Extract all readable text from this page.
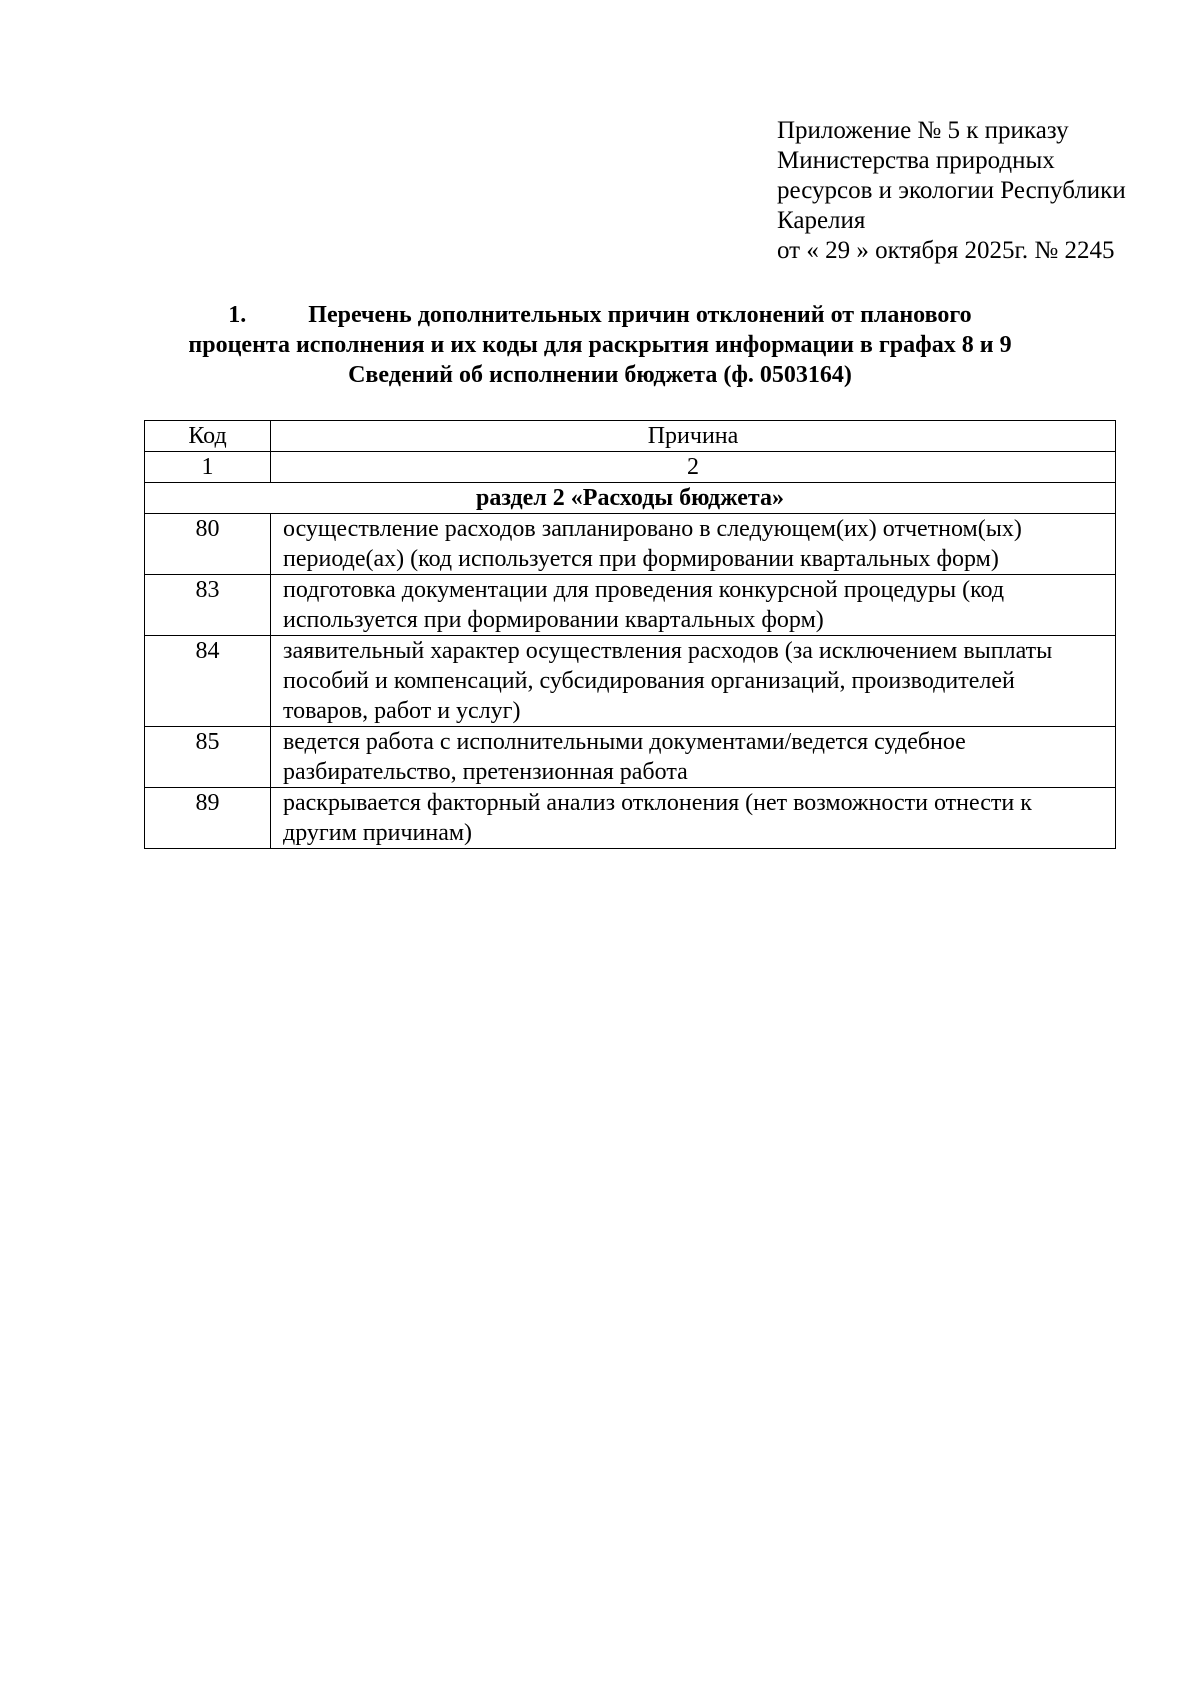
Приложение № 5 к приказу
Министерства природных
ресурсов и экологии Республики
Карелия
от « 29 » октября 2025г. № 2245
1.	Перечень дополнительных причин отклонений от планового
процента исполнения и их коды для раскрытия информации в графах 8 и 9
Сведений об исполнении бюджета (ф. 0503164)
Код	Причина
1	2
раздел 2 «Расходы бюджета»	
80	осуществление расходов запланировано в следующем(их) отчетном(ых) периоде(ах) (код используется при формировании квартальных форм)
83	подготовка документации для проведения конкурсной процедуры (код используется при формировании квартальных форм)
84	заявительный характер осуществления расходов (за исключением выплаты пособий и компенсаций, субсидирования организаций, производителей товаров, работ и услуг)
85	ведется работа с исполнительными документами/ведется судебное разбирательство, претензионная работа
89	раскрывается факторный анализ отклонения (нет возможности отнести к другим причинам)
